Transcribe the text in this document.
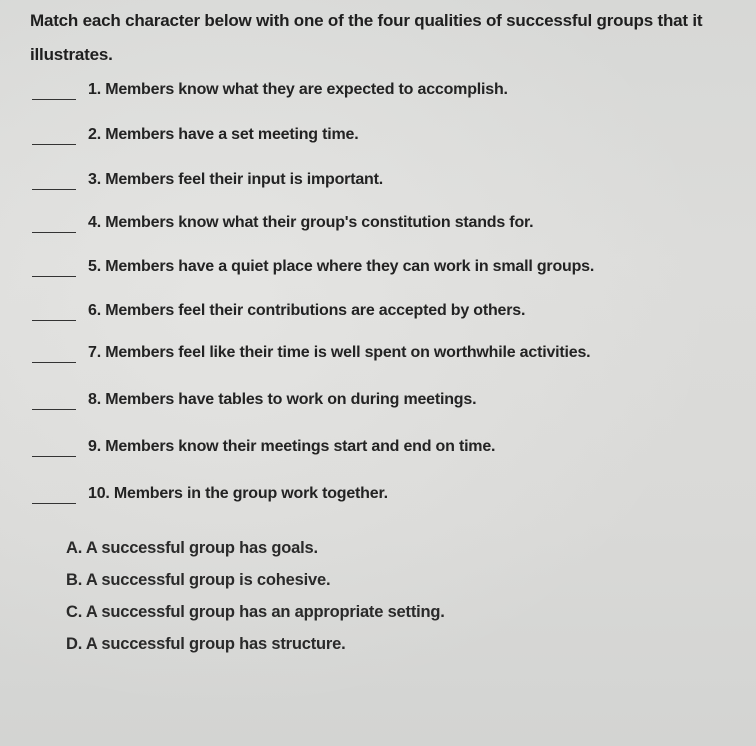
Match each character below with one of the four qualities of successful groups that it illustrates.
1. Members know what they are expected to accomplish.
2. Members have a set meeting time.
3. Members feel their input is important.
4. Members know what their group's constitution stands for.
5. Members have a quiet place where they can work in small groups.
6. Members feel their contributions are accepted by others.
7. Members feel like their time is well spent on worthwhile activities.
8. Members have tables to work on during meetings.
9. Members know their meetings start and end on time.
10. Members in the group work together.
A. A successful group has goals.
B. A successful group is cohesive.
C. A successful group has an appropriate setting.
D. A successful group has structure.
